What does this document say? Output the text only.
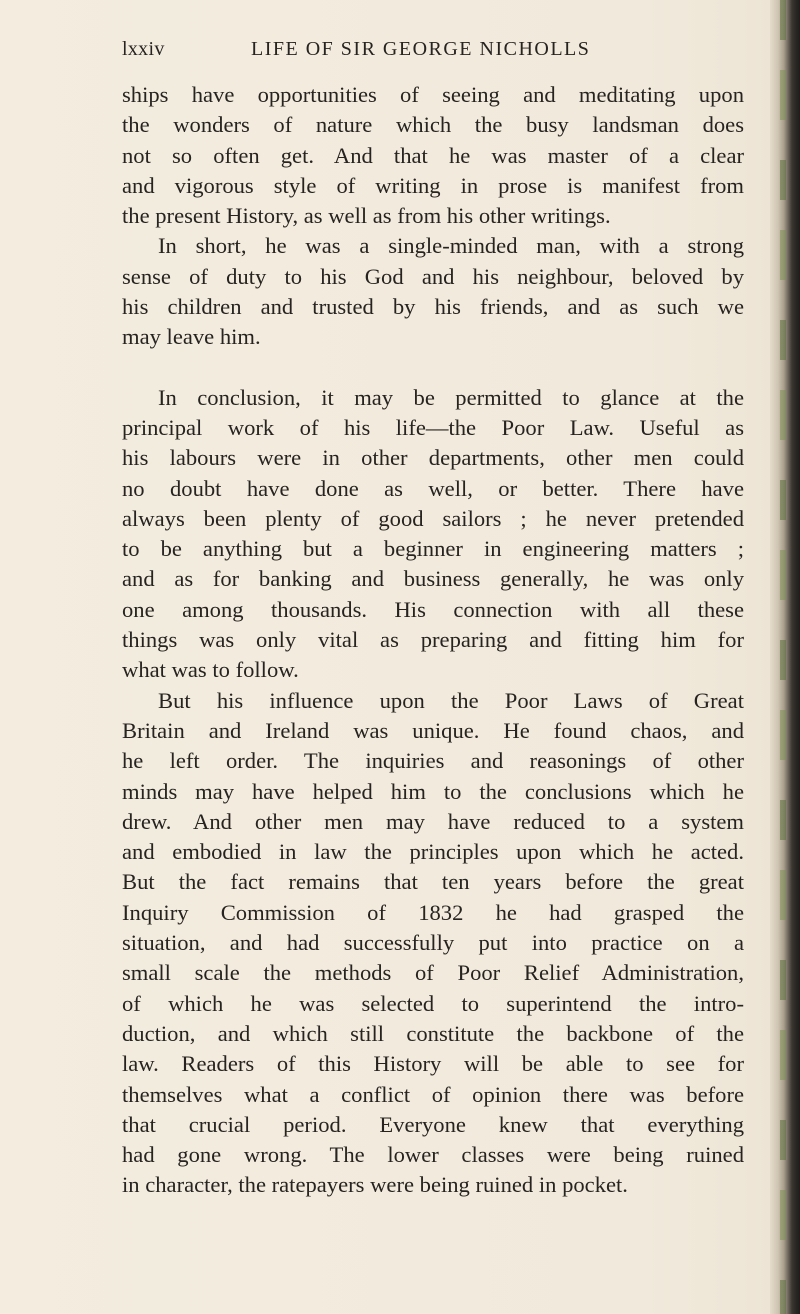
lxxiv	LIFE OF SIR GEORGE NICHOLLS
ships have opportunities of seeing and meditating upon
the wonders of nature which the busy landsman does
not so often get. And that he was master of a clear
and vigorous style of writing in prose is manifest from
the present History, as well as from his other writings.
In short, he was a single-minded man, with a strong
sense of duty to his God and his neighbour, beloved by
his children and trusted by his friends, and as such we
may leave him.
In conclusion, it may be permitted to glance at the
principal work of his life—the Poor Law. Useful as
his labours were in other departments, other men could
no doubt have done as well, or better. There have
always been plenty of good sailors ; he never pretended
to be anything but a beginner in engineering matters ;
and as for banking and business generally, he was only
one among thousands. His connection with all these
things was only vital as preparing and fitting him for
what was to follow.
But his influence upon the Poor Laws of Great
Britain and Ireland was unique. He found chaos, and
he left order. The inquiries and reasonings of other
minds may have helped him to the conclusions which he
drew. And other men may have reduced to a system
and embodied in law the principles upon which he acted.
But the fact remains that ten years before the great
Inquiry Commission of 1832 he had grasped the
situation, and had successfully put into practice on a
small scale the methods of Poor Relief Administration,
of which he was selected to superintend the intro-
duction, and which still constitute the backbone of the
law. Readers of this History will be able to see for
themselves what a conflict of opinion there was before
that crucial period. Everyone knew that everything
had gone wrong. The lower classes were being ruined
in character, the ratepayers were being ruined in pocket.
